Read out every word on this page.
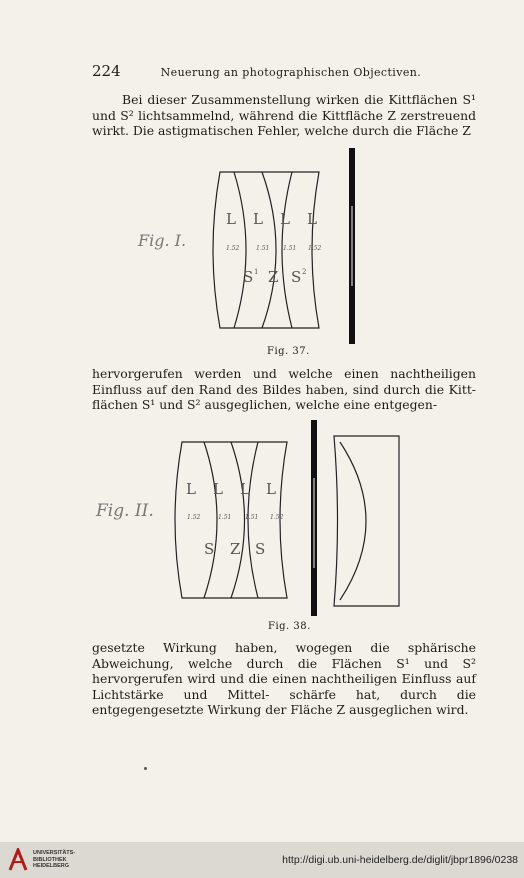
224	Neuerung an photographischen Objectiven.

Bei dieser Zusammenstellung wirken die Kittflächen S¹ und S² lichtsammelnd, während die Kittfläche Z zerstreuend wirkt. Die astigmatischen Fehler, welche durch die Fläche Z

L L L L
1.52	1.51 1.51 1.52
S 1 Z S 2
Fig. I.
Fig. 37.

hervorgerufen werden und welche einen nachtheiligen Einfluss auf den Rand des Bildes haben, sind durch die Kitt- flächen S¹ und S² ausgeglichen, welche eine entgegen-

L L L L
1.52	1.51 1.51 1.52
S Z S
Fig. II.
Fig. 38.

gesetzte Wirkung haben, wogegen die sphärische Abweichung, welche durch die Flächen S¹ und S² hervorgerufen wird und die einen nachtheiligen Einfluss auf Lichtstärke und Mittel- schärfe hat, durch die entgegengesetzte Wirkung der Fläche Z ausgeglichen wird.

UNIVERSITÄTS-
BIBLIOTHEK
HEIDELBERG
http://digi.ub.uni-heidelberg.de/diglit/jbpr1896/0238
